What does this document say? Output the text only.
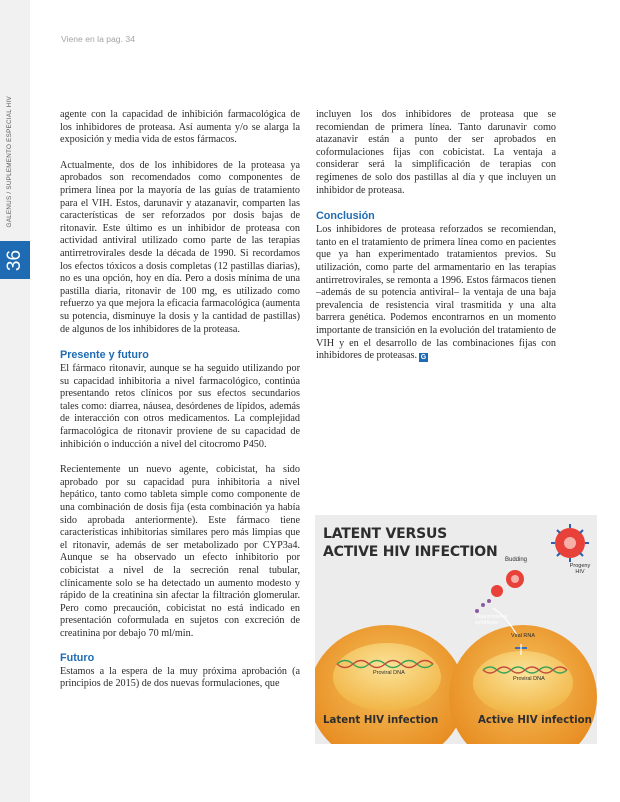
GALENUS / SUPLEMENTO ESPECIAL HIV
36
Viene en la pag. 34

agente con la capacidad de inhibición farmacológica de los inhibidores de proteasa. Así aumenta y/o se alarga la exposición y media vida de estos fármacos.

Actualmente, dos de los inhibidores de la proteasa ya aprobados son recomendados como componentes de primera línea por la mayoría de las guías de tratamiento para el VIH. Estos, darunavir y atazanavir, comparten las características de ser reforzados por dosis bajas de ritonavir. Este último es un inhibidor de proteasa con actividad antiviral utilizado como parte de las terapias antirretrovirales desde la década de 1990. Si recordamos los efectos tóxicos a dosis completas (12 pastillas diarias), no es una opción, hoy en día. Pero a dosis mínima de una pastilla diaria, ritonavir de 100 mg, es utilizado como refuerzo ya que mejora la eficacia farmacológica (aumenta su potencia, disminuye la dosis y la cantidad de pastillas) de algunos de los inhibidores de la proteasa.

Presente y futuro

El fármaco ritonavir, aunque se ha seguido utilizando por su capacidad inhibitoria a nivel farmacológico, continúa presentando retos clínicos por sus efectos secundarios tales como: diarrea, náusea, desórdenes de lípidos, además de interacción con otros medicamentos. La complejidad farmacológica de ritonavir proviene de su capacidad de inhibición o inducción a nivel del citocromo P450.

Recientemente un nuevo agente, cobicistat, ha sido aprobado por su capacidad pura inhibitoria a nivel hepático, tanto como tableta simple como componente de una combinación de dosis fija (esta combinación ya había sido aprobada anteriormente). Este fármaco tiene características inhibitorias similares pero más limpias que el ritonavir, además de ser metabolizado por CYP3a4. Aunque se ha observado un efecto inhibitorio por cobicistat a nivel de la secreción renal tubular, clínicamente solo se ha detectado un aumento modesto y rápido de la creatinina sin afectar la filtración glomerular. Pero como precaución, cobicistat no está indicado en presentación coformulada en sujetos con excreción de creatinina por debajo 70 ml/min.

Futuro

Estamos a la espera de la muy próxima aprobación (a principios de 2015) de dos nuevas formulaciones, que

incluyen los dos inhibidores de proteasa que se recomiendan de primera línea. Tanto darunavir como atazanavir están a punto der ser aprobados en coformulaciones fijas con cobicistat. La ventaja a considerar será la simplificación de terapias con regímenes de solo dos pastillas al día y que incluyen un inhibidor de proteasa.

Conclusión

Los inhibidores de proteasa reforzados se recomiendan, tanto en el tratamiento de primera línea como en pacientes que ya han experimentado tratamientos previos. Su utilización, como parte del armamentario en las terapias antirretrovirales, se remonta a 1996. Estos fármacos tienen –además de su potencia antiviral– la ventaja de una baja prevalencia de resistencia viral trasmitida y una alta barrera genética. Podemos encontrarnos en un momento importante de transición en la evolución del tratamiento de VIH y en el desarrollo de las combinaciones fijas con inhibidores de proteasas. G

LATENT VERSUS
ACTIVE HIV INFECTION Budding
Progeny HIV
Viral proteins synthesis
Viral RNA
Proviral DNA
Proviral DNA
Latent HIV infection	Active HIV infection
